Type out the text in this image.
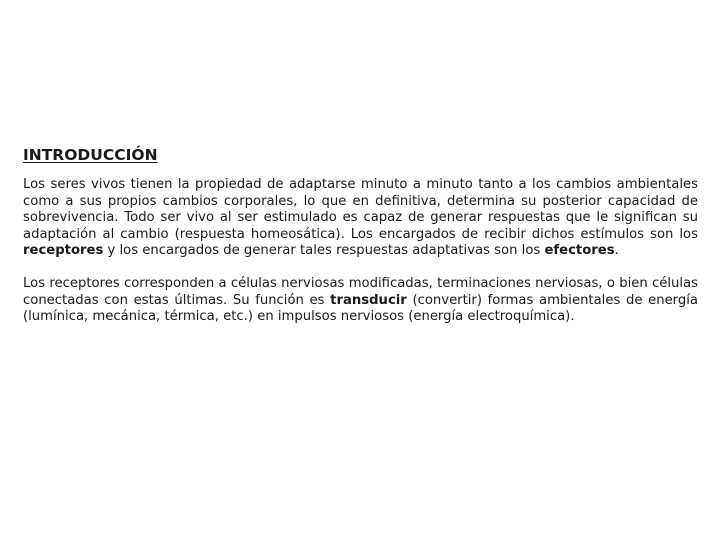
INTRODUCCIÓN

Los seres vivos tienen la propiedad de adaptarse minuto a minuto tanto a los cambios ambientales como a sus propios cambios corporales, lo que en definitiva, determina su posterior capacidad de sobrevivencia. Todo ser vivo al ser estimulado es capaz de generar respuestas que le significan su adaptación al cambio (respuesta homeosática). Los encargados de recibir dichos estímulos son los receptores y los encargados de generar tales respuestas adaptativas son los efectores.

Los receptores corresponden a células nerviosas modificadas, terminaciones nerviosas, o bien células conectadas con estas últimas. Su función es transducir (convertir) formas ambientales de energía (lumínica, mecánica, térmica, etc.) en impulsos nerviosos (energía electroquímica).
